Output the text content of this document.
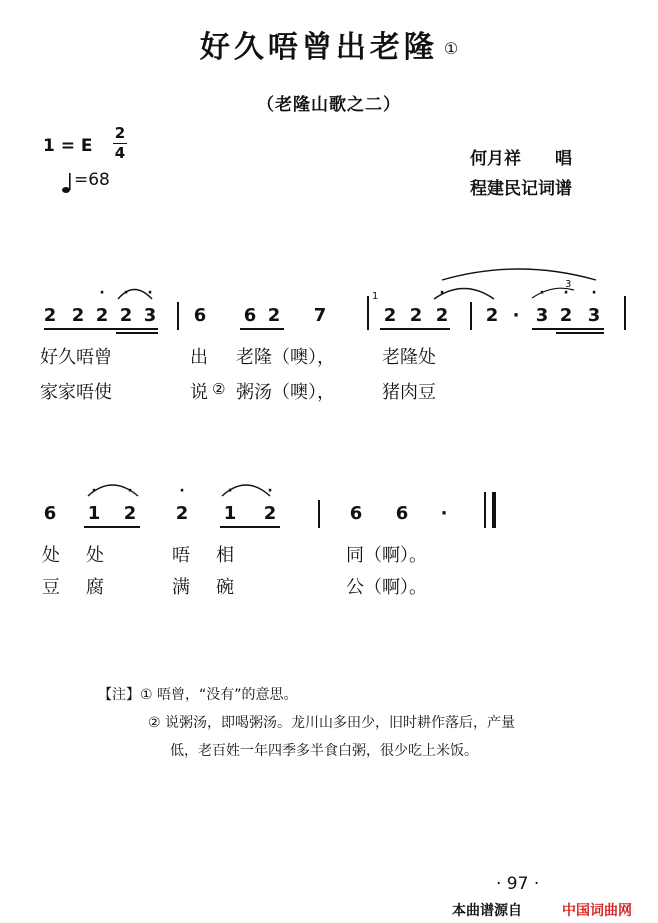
好久唔曾出老隆 ①
（老隆山歌之二）
1 = E
2
4
=68
何月祥　　唱
程建民记词谱
·	·	·	·	·	·	·
2 2 2 2 3 6 6 2 7
1
2 2 2 2 · 3
3
2 3
好久唔曾	出 老隆（噢），	老隆处
家家唔使	说 ② 粥汤（噢），	猪肉豆
·	·	·	·	·
6 1 2 2 1 2	6 6 ·
处 处	唔 相	同（啊）。
豆 腐	满 碗	公（啊）。
【注】① 唔曾，“没有”的意思。
② 说粥汤，即喝粥汤。龙川山多田少，旧时耕作落后，产量
低，老百姓一年四季多半食白粥，很少吃上米饭。
· 97 ·
本曲谱源自	中国词曲网
